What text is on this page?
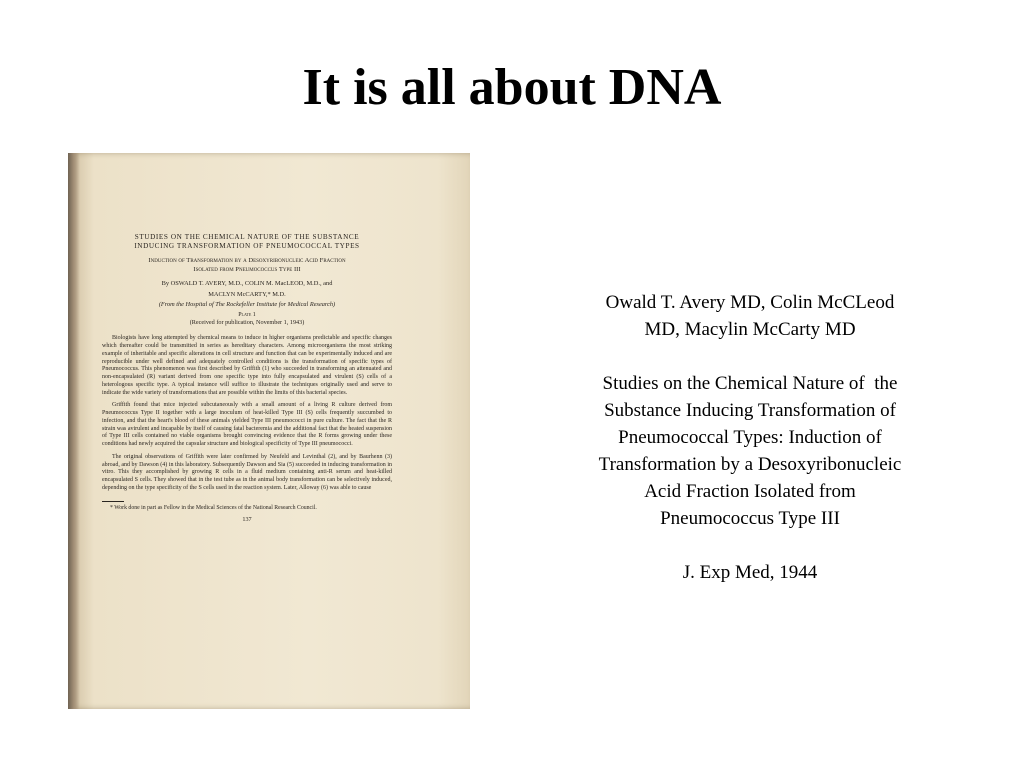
It is all about DNA
STUDIES ON THE CHEMICAL NATURE OF THE SUBSTANCE
INDUCING TRANSFORMATION OF PNEUMOCOCCAL TYPES
Induction of Transformation by a Desoxyribonucleic Acid Fraction
Isolated from Pneumococcus Type III
By OSWALD T. AVERY, M.D., COLIN M. MacLEOD, M.D., and
MACLYN McCARTY,* M.D.
(From the Hospital of The Rockefeller Institute for Medical Research)
Plate 1
(Received for publication, November 1, 1943)

Biologists have long attempted by chemical means to induce in higher organisms predictable and specific changes which thereafter could be transmitted in series as hereditary characters. Among microorganisms the most striking example of inheritable and specific alterations in cell structure and function that can be experimentally induced and are reproducible under well defined and adequately controlled conditions is the transformation of specific types of Pneumococcus. This phenomenon was first described by Griffith (1) who succeeded in transforming an attenuated and non-encapsulated (R) variant derived from one specific type into fully encapsulated and virulent (S) cells of a heterologous specific type. A typical instance will suffice to illustrate the techniques originally used and serve to indicate the wide variety of transformations that are possible within the limits of this bacterial species.

Griffith found that mice injected subcutaneously with a small amount of a living R culture derived from Pneumococcus Type II together with a large inoculum of heat-killed Type III (S) cells frequently succumbed to infection, and that the heart's blood of these animals yielded Type III pneumococci in pure culture. The fact that the R strain was avirulent and incapable by itself of causing fatal bacteremia and the additional fact that the heated suspension of Type III cells contained no viable organisms brought convincing evidence that the R forms growing under these conditions had newly acquired the capsular structure and biological specificity of Type III pneumococci.

The original observations of Griffith were later confirmed by Neufeld and Levinthal (2), and by Baurhenn (3) abroad, and by Dawson (4) in this laboratory. Subsequently Dawson and Sia (5) succeeded in inducing transformation in vitro. This they accomplished by growing R cells in a fluid medium containing anti-R serum and heat-killed encapsulated S cells. They showed that in the test tube as in the animal body transformation can be selectively induced, depending on the type specificity of the S cells used in the reaction system. Later, Alloway (6) was able to cause

* Work done in part as Fellow in the Medical Sciences of the National Research Council.

137

Owald T. Avery MD, Colin McCLeod

MD, Macylin McCarty MD

Studies on the Chemical Nature of  the

Substance Inducing Transformation of

Pneumococcal Types: Induction of

Transformation by a Desoxyribonucleic

Acid Fraction Isolated from

Pneumococcus Type III

J. Exp Med, 1944
